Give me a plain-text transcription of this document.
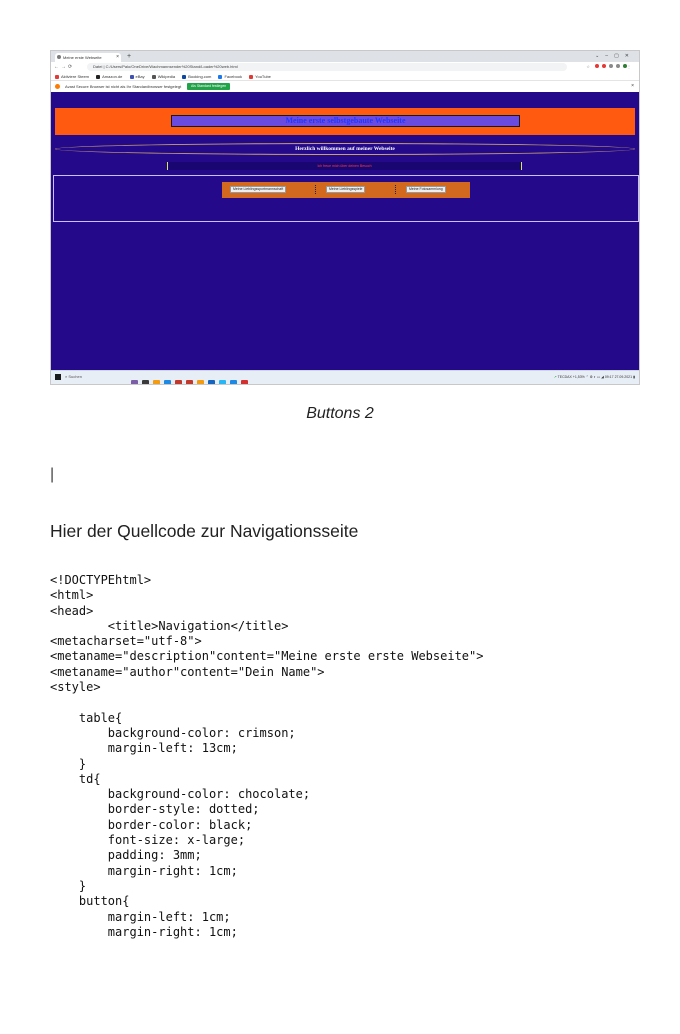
Meine erste Webseite	× +	⌄–▢✕
←→⟳	Datei | C:/Users/Palo/OneDrive/Wachmannsender%20Stand/Loader%20web.html	☆	⋮
Aktiviere Steem	Amazon.de	eBay	Wikipedia	Booking.com	Facebook	YouTube
Avast Secure Browser ist nicht als Ihr Standardbrowser festgelegt	Als Standard festlegen	×
Meine erste selbstgebaute Webseite
Herzlich willkommen auf meiner Webseite
Ich freue mich über deinen Besuch
Meine Lieblingssportmannschaft	Meine Lieblingsspiele	Meine Fotosammlung
⌕ Suchen	↗ TECDAX +1,53% ⌃ ⚙ ◐ ▭ ◢ 09:17 27.09.2021 ▮
Buttons 2
|
Hier der Quellcode zur Navigationsseite
<!DOCTYPEhtml>
<html>
<head>
<title>Navigation</title>
<metacharset="utf-8">
<metaname="description"content="Meine erste erste Webseite">
<metaname="author"content="Dein Name">
<style>

table{
background-color: crimson;
margin-left: 13cm;
}
td{
background-color: chocolate;
border-style: dotted;
border-color: black;
font-size: x-large;
padding: 3mm;
margin-right: 1cm;
}
button{
margin-left: 1cm;
margin-right: 1cm;
